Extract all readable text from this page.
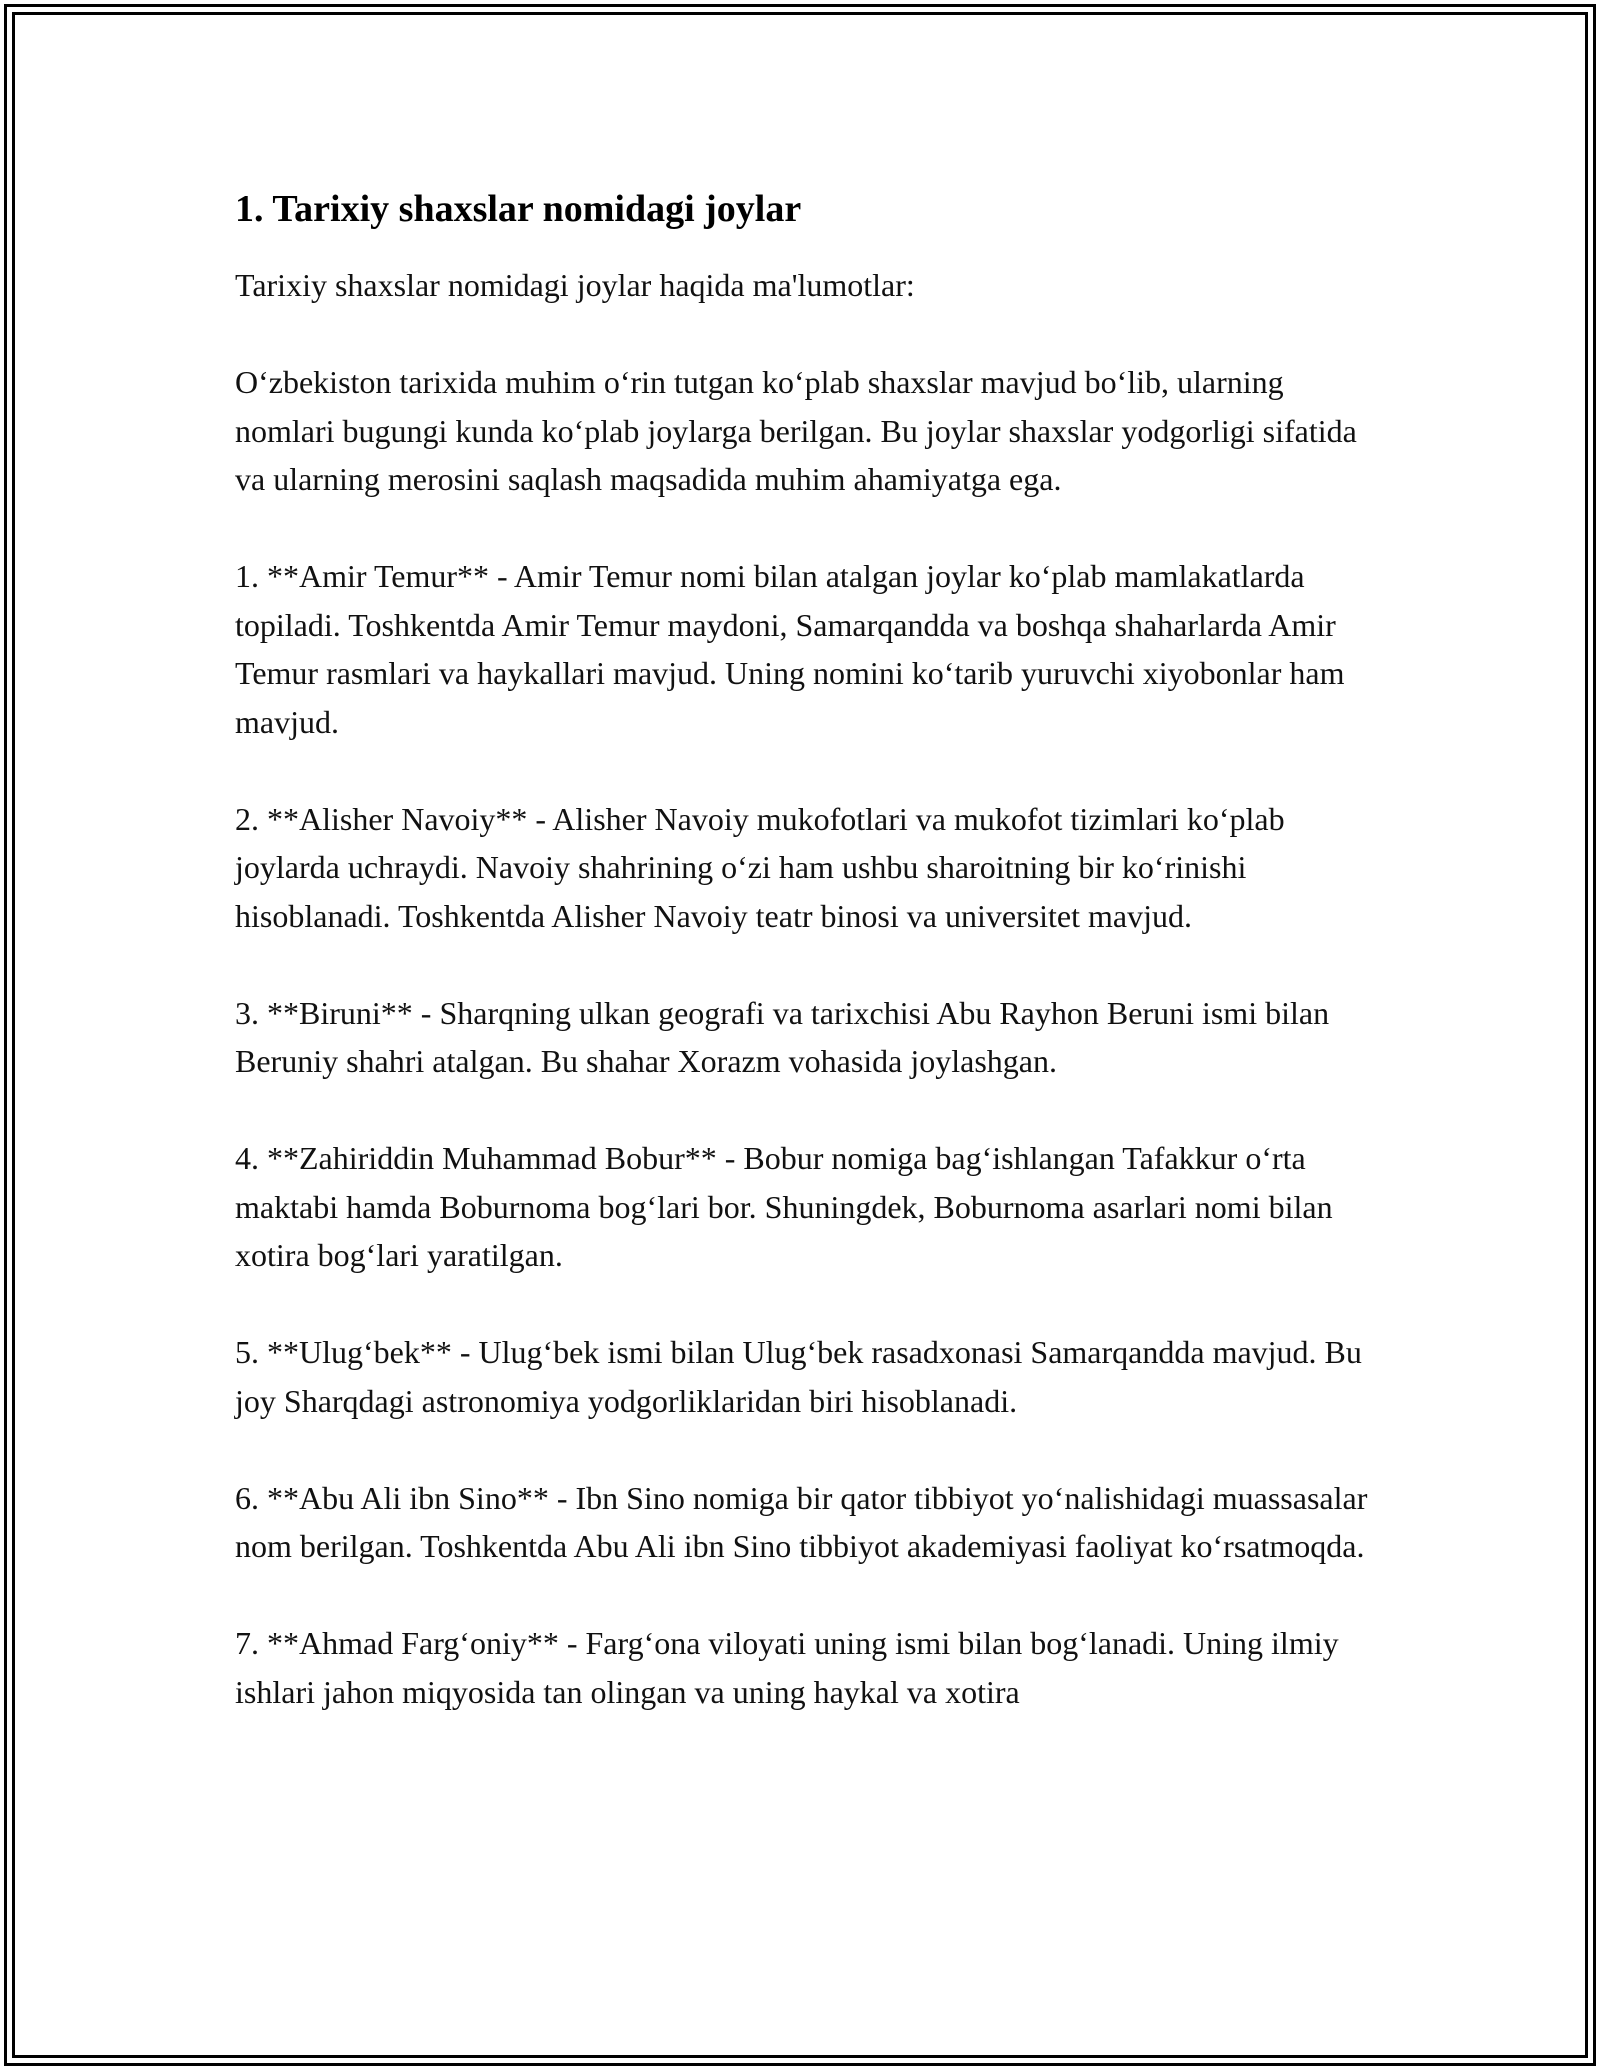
1. Tarixiy shaxslar nomidagi joylar

Tarixiy shaxslar nomidagi joylar haqida ma'lumotlar:

O‘zbekiston tarixida muhim o‘rin tutgan ko‘plab shaxslar mavjud bo‘lib, ularning nomlari bugungi kunda ko‘plab joylarga berilgan. Bu joylar shaxslar yodgorligi sifatida va ularning merosini saqlash maqsadida muhim ahamiyatga ega.

1. **Amir Temur** - Amir Temur nomi bilan atalgan joylar ko‘plab mamlakatlarda topiladi. Toshkentda Amir Temur maydoni, Samarqandda va boshqa shaharlarda Amir Temur rasmlari va haykallari mavjud. Uning nomini ko‘tarib yuruvchi xiyobonlar ham mavjud.

2. **Alisher Navoiy** - Alisher Navoiy mukofotlari va mukofot tizimlari ko‘plab joylarda uchraydi. Navoiy shahrining o‘zi ham ushbu sharoitning bir ko‘rinishi hisoblanadi. Toshkentda Alisher Navoiy teatr binosi va universitet mavjud.

3. **Biruni** - Sharqning ulkan geografi va tarixchisi Abu Rayhon Beruni ismi bilan Beruniy shahri atalgan. Bu shahar Xorazm vohasida joylashgan.

4. **Zahiriddin Muhammad Bobur** - Bobur nomiga bag‘ishlangan Tafakkur o‘rta maktabi hamda Boburnoma bog‘lari bor. Shuningdek, Boburnoma asarlari nomi bilan xotira bog‘lari yaratilgan.

5. **Ulug‘bek** - Ulug‘bek ismi bilan Ulug‘bek rasadxonasi Samarqandda mavjud. Bu joy Sharqdagi astronomiya yodgorliklaridan biri hisoblanadi.

6. **Abu Ali ibn Sino** - Ibn Sino nomiga bir qator tibbiyot yo‘nalishidagi muassasalar nom berilgan. Toshkentda Abu Ali ibn Sino tibbiyot akademiyasi faoliyat ko‘rsatmoqda.

7. **Ahmad Farg‘oniy** - Farg‘ona viloyati uning ismi bilan bog‘lanadi. Uning ilmiy ishlari jahon miqyosida tan olingan va uning haykal va xotira
